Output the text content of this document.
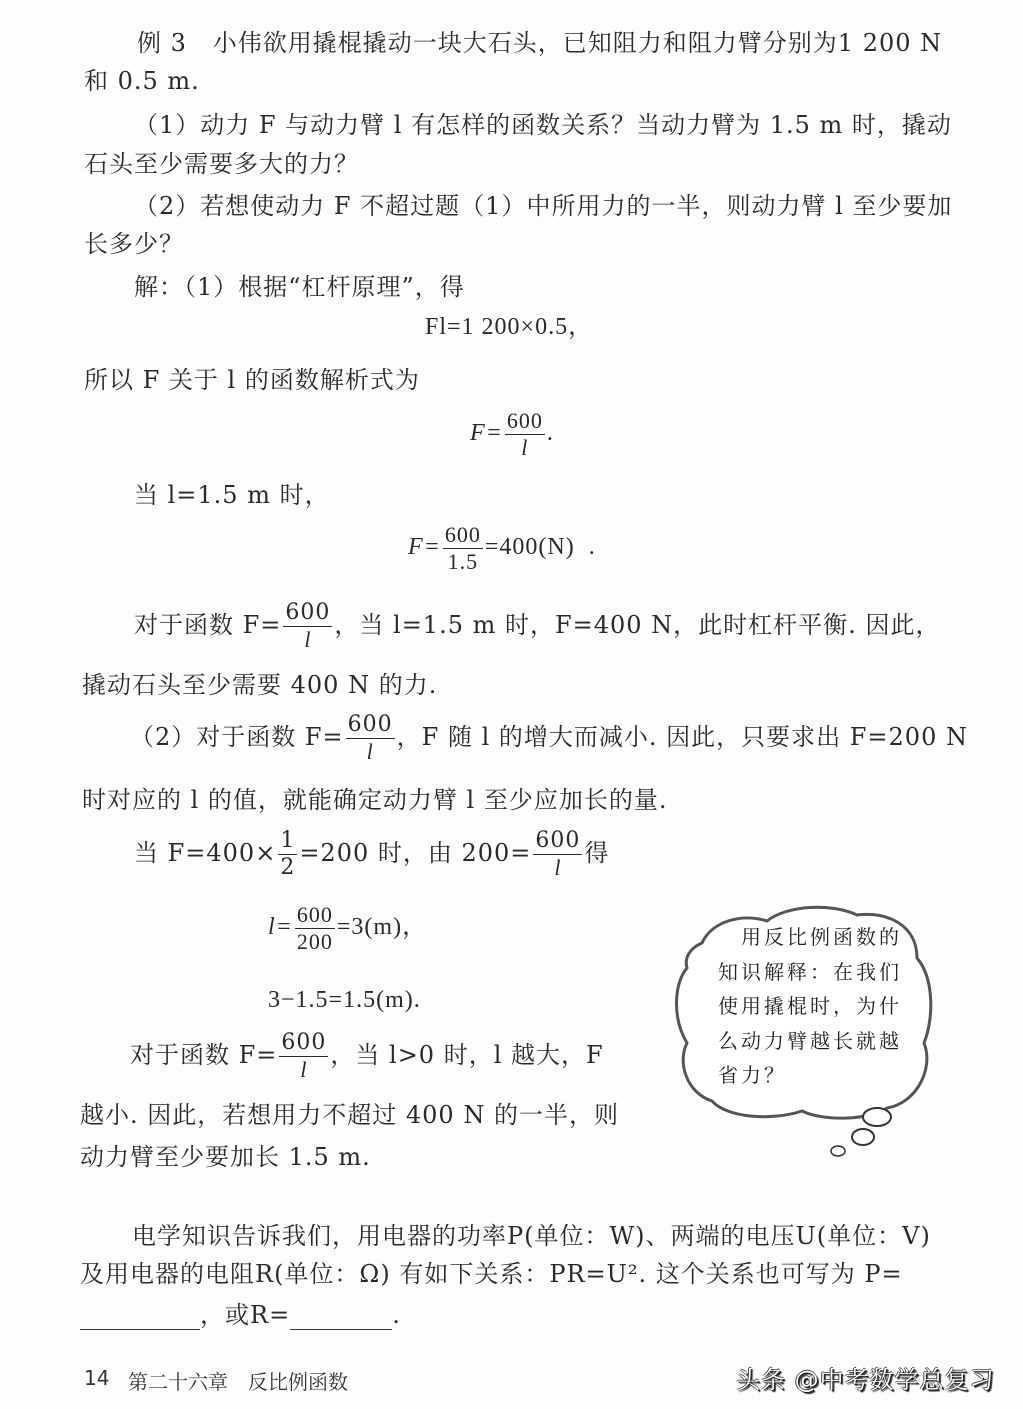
例 3 小伟欲用撬棍撬动一块大石头，已知阻力和阻力臂分别为1 200 N
和 0.5 m.
（1）动力 F 与动力臂 l 有怎样的函数关系？当动力臂为 1.5 m 时，撬动
石头至少需要多大的力？
（2）若想使动力 F 不超过题（1）中所用力的一半，则动力臂 l 至少要加
长多少？
解：（1）根据“杠杆原理”，得
Fl=1 200×0.5，
所以 F 关于 l 的函数解析式为
$F= \frac{600}{l}$ .
当 l=1.5 m 时，
$F= \frac{600}{1.5} =400(N)$ .
对于函数 $F= \frac{600}{l}$ ，当 l=1.5 m 时，F=400 N，此时杠杆平衡. 因此，
撬动石头至少需要 400 N 的力.
（2）对于函数 $F= \frac{600}{l}$ ，F 随 l 的增大而减小. 因此，只要求出 F=200 N
时对应的 l 的值，就能确定动力臂 l 至少应加长的量.
当 $F=400\times \frac{1}{2} =200$ 时，由 $200= \frac{600}{l}$ 得
$l= \frac{600}{200} =3(m)$，
3−1.5=1.5(m).
对于函数 $F= \frac{600}{l}$ ，当 l>0 时，l 越大，F
越小. 因此，若想用力不超过 400 N 的一半，则
动力臂至少要加长 1.5 m.
　用反比例函数的知识解释：在我们使用撬棍时，为什么动力臂越长就越省力？
电学知识告诉我们，用电器的功率P(单位：W)、两端的电压U(单位：V)
及用电器的电阻R(单位：Ω) 有如下关系：PR=U². 这个关系也可写为 P=
，或R=	.
14 第二十六章　反比例函数	头条 @中考数学总复习
